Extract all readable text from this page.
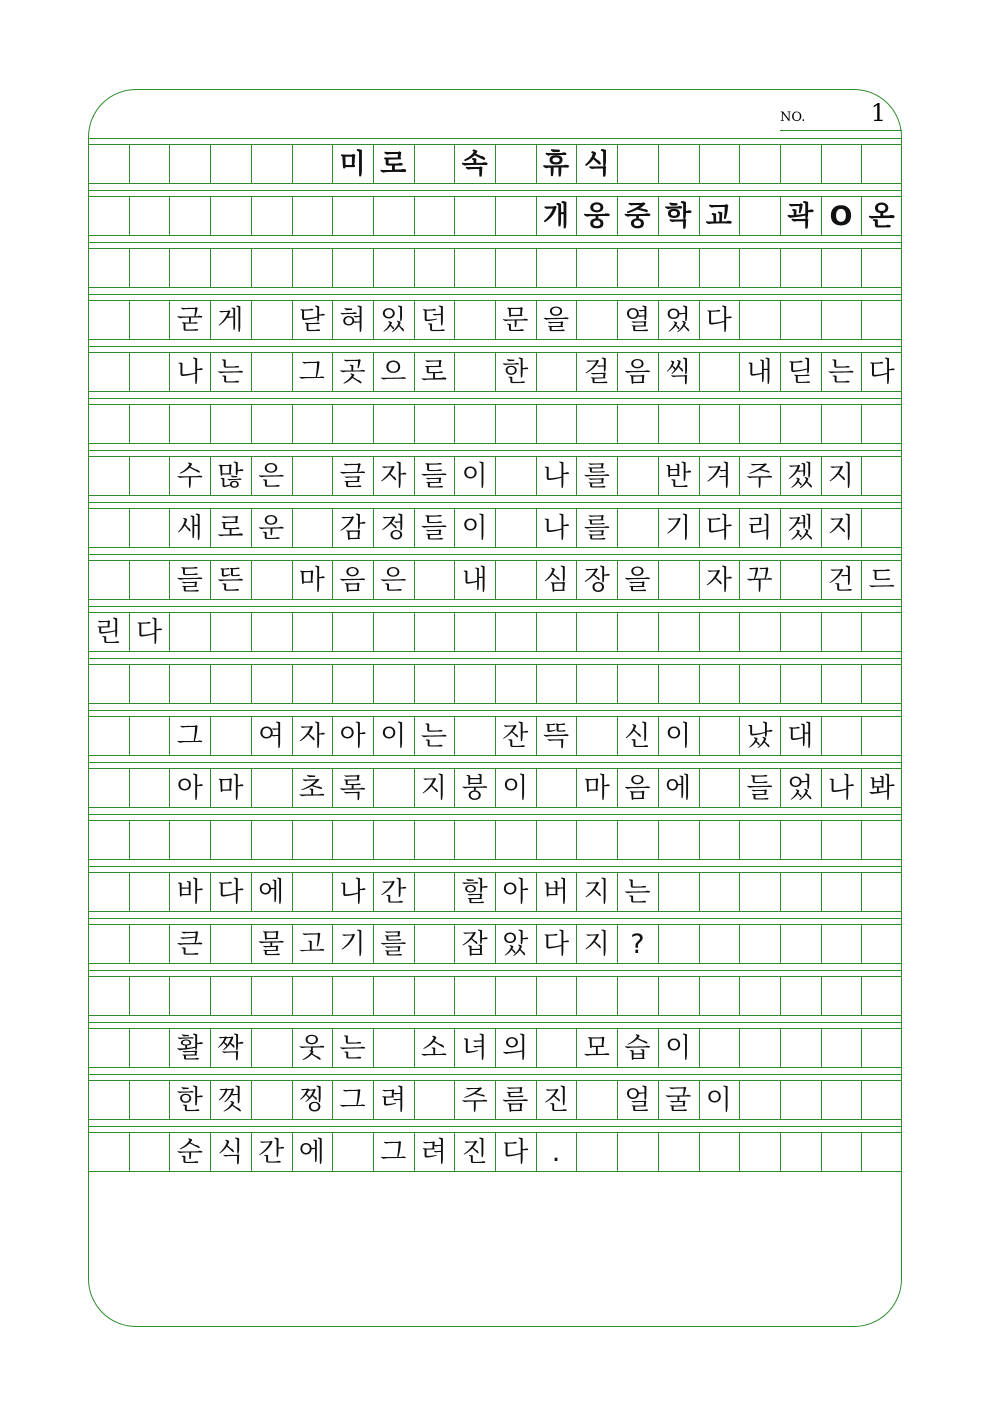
NO.	1
미 로 속 휴 식
개 웅 중 학 교 곽 O 온
굳 게 닫 혀 있 던 문 을 열 었 다
나 는 그 곳 으 로 한 걸 음 씩 내 딛 는 다
수 많 은 글 자 들 이 나 를 반 겨 주 겠 지
새 로 운 감 정 들 이 나 를 기 다 리 겠 지
들 뜬 마 음 은 내 심 장 을 자 꾸 건 드
린 다
그 여 자 아 이 는 잔 뜩 신 이 났 대
아 마 초 록 지 붕 이 마 음 에 들 었 나 봐
바 다 에 나 간 할 아 버 지 는
큰 물 고 기 를 잡 았 다 지 ?
활 짝 웃 는 소 녀 의 모 습 이
한 껏 찡 그 려 주 름 진 얼 굴 이
순 식 간 에 그 려 진 다 .
